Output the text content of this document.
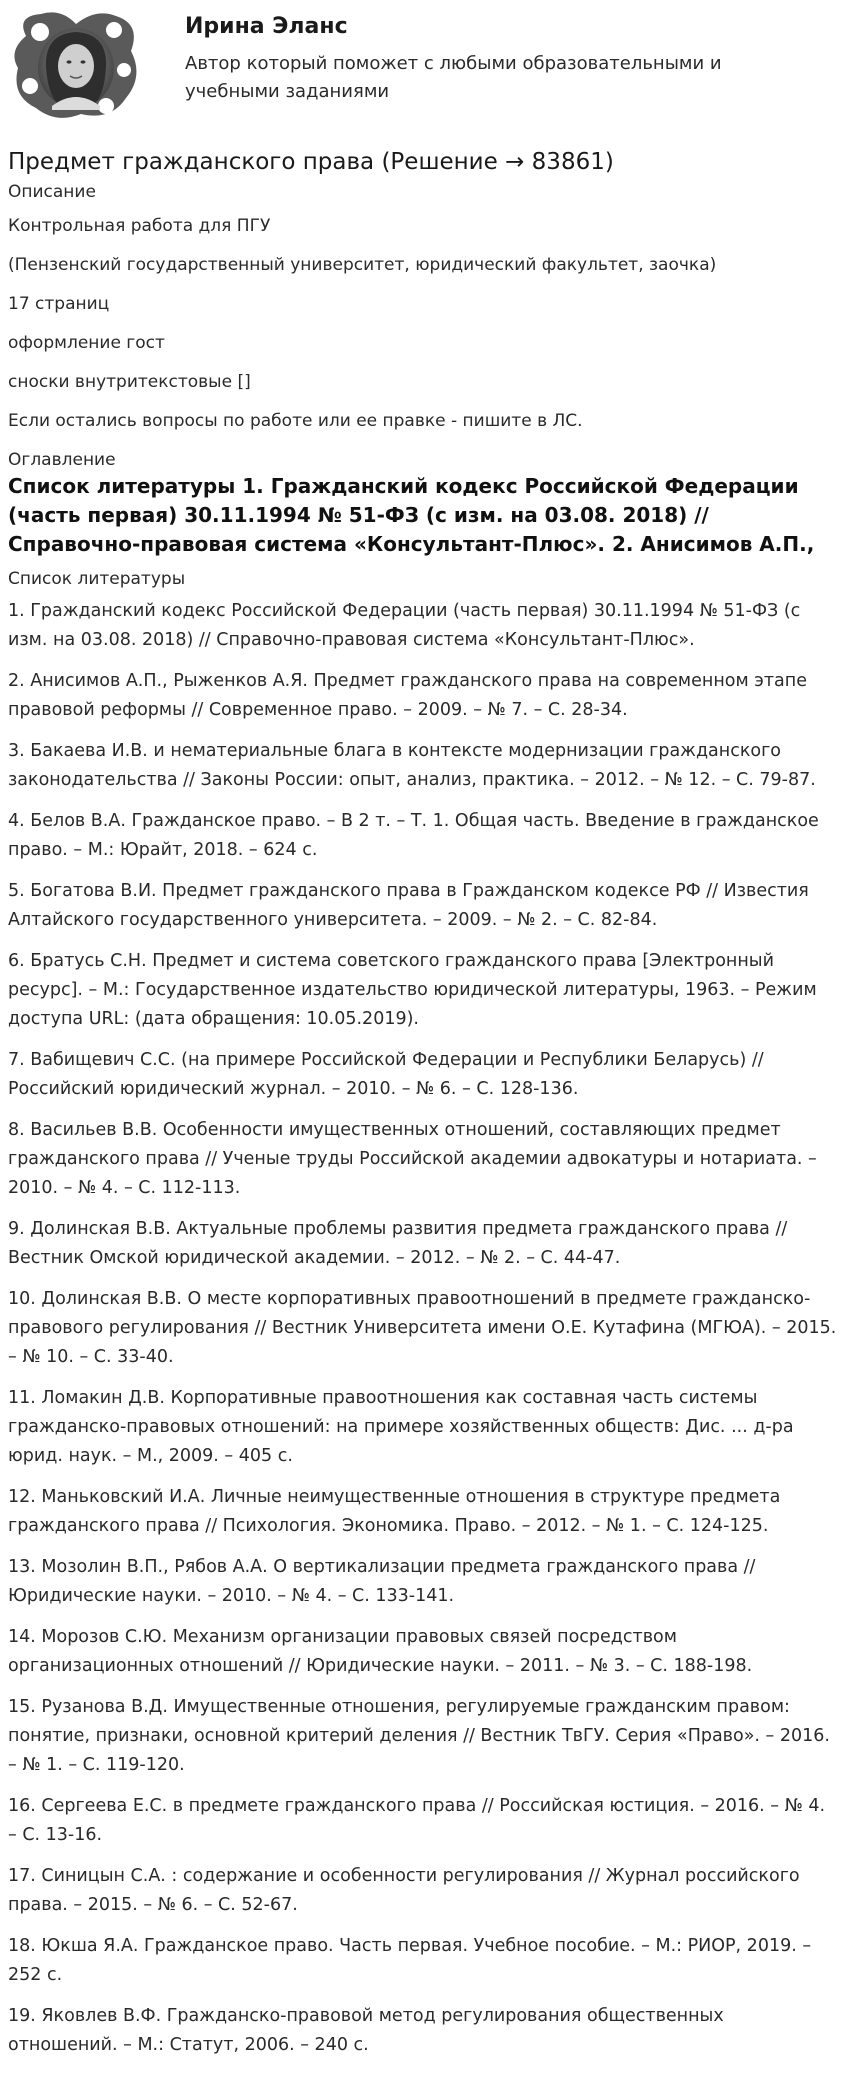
Ирина Эланс

Автор который поможет с любыми образовательными и учебными заданиями

Предмет гражданского права (Решение → 83861)
Описание

Контрольная работа для ПГУ

(Пензенский государственный университет, юридический факультет, заочка)

17 страниц

оформление гост

сноски внутритекстовые []

Если остались вопросы по работе или ее правке - пишите в ЛС.

Оглавление
Список литературы 1. Гражданский кодекс Российской Федерации (часть первая) 30.11.1994 № 51-ФЗ (с изм. на 03.08. 2018) // Справочно-правовая система «Консультант-Плюс». 2. Анисимов А.П.,
Список литературы
1. Гражданский кодекс Российской Федерации (часть первая) 30.11.1994 № 51-ФЗ (с изм. на 03.08. 2018) // Справочно-правовая система «Консультант-Плюс».
2. Анисимов А.П., Рыженков А.Я. Предмет гражданского права на современном этапе правовой реформы // Современное право. – 2009. – № 7. – С. 28-34.
3. Бакаева И.В. и нематериальные блага в контексте модернизации гражданского законодательства // Законы России: опыт, анализ, практика. – 2012. – № 12. – С. 79-87.
4. Белов В.А. Гражданское право. – В 2 т. – Т. 1. Общая часть. Введение в гражданское право. – М.: Юрайт, 2018. – 624 с.
5. Богатова В.И. Предмет гражданского права в Гражданском кодексе РФ // Известия Алтайского государственного университета. – 2009. – № 2. – С. 82-84.
6. Братусь С.Н. Предмет и система советского гражданского права [Электронный ресурс]. – М.: Государственное издательство юридической литературы, 1963. – Режим доступа URL: (дата обращения: 10.05.2019).
7. Вабищевич С.С. (на примере Российской Федерации и Республики Беларусь) // Российский юридический журнал. – 2010. – № 6. – С. 128-136.
8. Васильев В.В. Особенности имущественных отношений, составляющих предмет гражданского права // Ученые труды Российской академии адвокатуры и нотариата. – 2010. – № 4. – С. 112-113.
9. Долинская В.В. Актуальные проблемы развития предмета гражданского права // Вестник Омской юридической академии. – 2012. – № 2. – С. 44-47.
10. Долинская В.В. О месте корпоративных правоотношений в предмете гражданско-правового регулирования // Вестник Университета имени О.Е. Кутафина (МГЮА). – 2015. – № 10. – С. 33-40.
11. Ломакин Д.В. Корпоративные правоотношения как составная часть системы гражданско-правовых отношений: на примере хозяйственных обществ: Дис. ... д-ра юрид. наук. – М., 2009. – 405 с.
12. Маньковский И.А. Личные неимущественные отношения в структуре предмета гражданского права // Психология. Экономика. Право. – 2012. – № 1. – С. 124-125.
13. Мозолин В.П., Рябов А.А. О вертикализации предмета гражданского права // Юридические науки. – 2010. – № 4. – С. 133-141.
14. Морозов С.Ю. Механизм организации правовых связей посредством организационных отношений // Юридические науки. – 2011. – № 3. – С. 188-198.
15. Рузанова В.Д. Имущественные отношения, регулируемые гражданским правом: понятие, признаки, основной критерий деления // Вестник ТвГУ. Серия «Право». – 2016. – № 1. – С. 119-120.
16. Сергеева Е.С. в предмете гражданского права // Российская юстиция. – 2016. – № 4. – С. 13-16.
17. Синицын С.А. : содержание и особенности регулирования // Журнал российского права. – 2015. – № 6. – С. 52-67.
18. Юкша Я.А. Гражданское право. Часть первая. Учебное пособие. – М.: РИОР, 2019. – 252 с.
19. Яковлев В.Ф. Гражданско-правовой метод регулирования общественных отношений. – М.: Статут, 2006. – 240 с.
